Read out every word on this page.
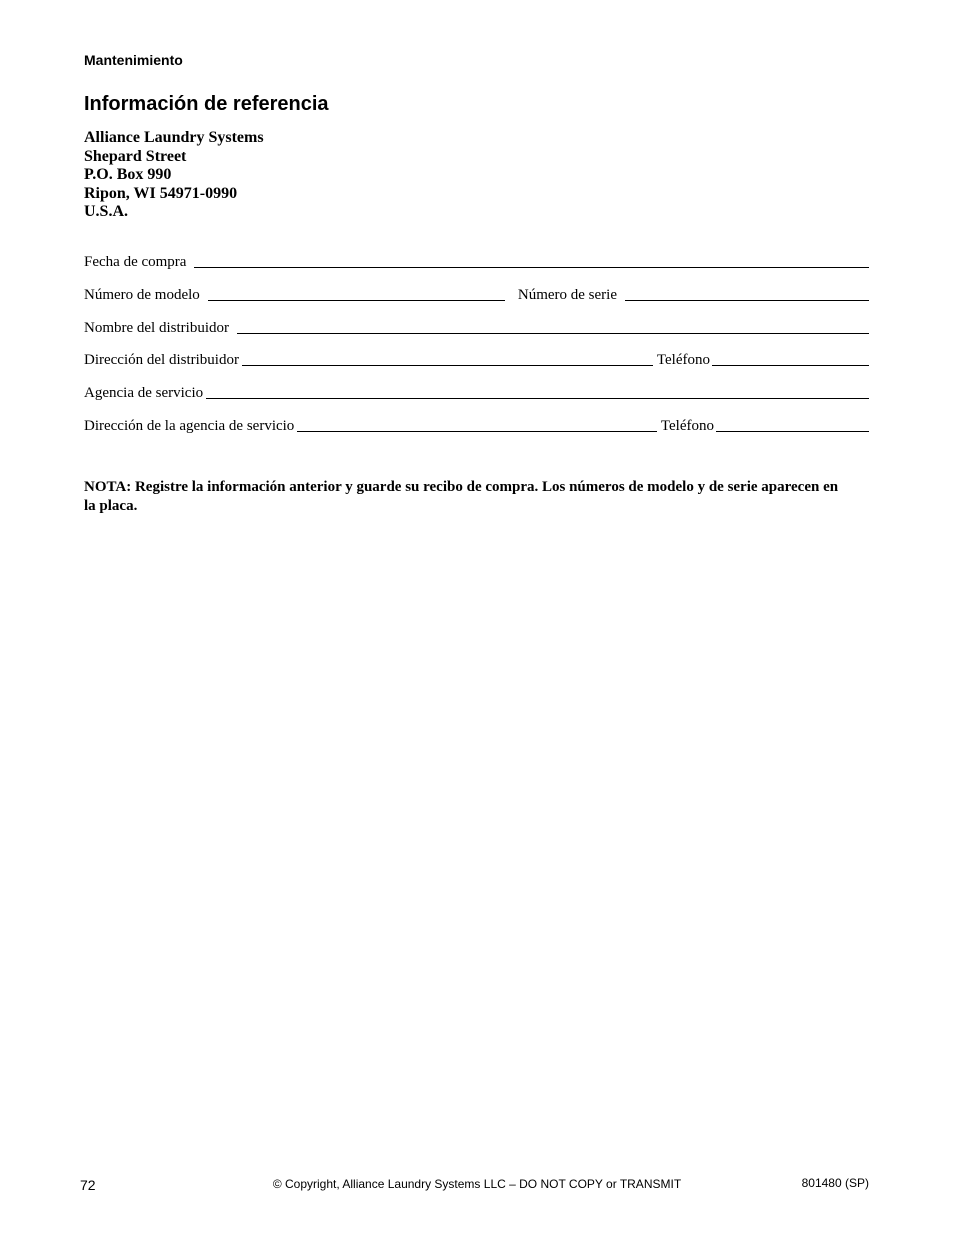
Mantenimiento
Información de referencia
Alliance Laundry Systems
Shepard Street
P.O. Box 990
Ripon, WI 54971-0990
U.S.A.
Fecha de compra
Número de modelo	Número de serie
Nombre del distribuidor
Dirección del distribuidor	Teléfono
Agencia de servicio
Dirección de la agencia de servicio	Teléfono
NOTA: Registre la información anterior y guarde su recibo de compra. Los números de modelo y de serie aparecen en la placa.
72	© Copyright, Alliance Laundry Systems LLC – DO NOT COPY or TRANSMIT	801480 (SP)
